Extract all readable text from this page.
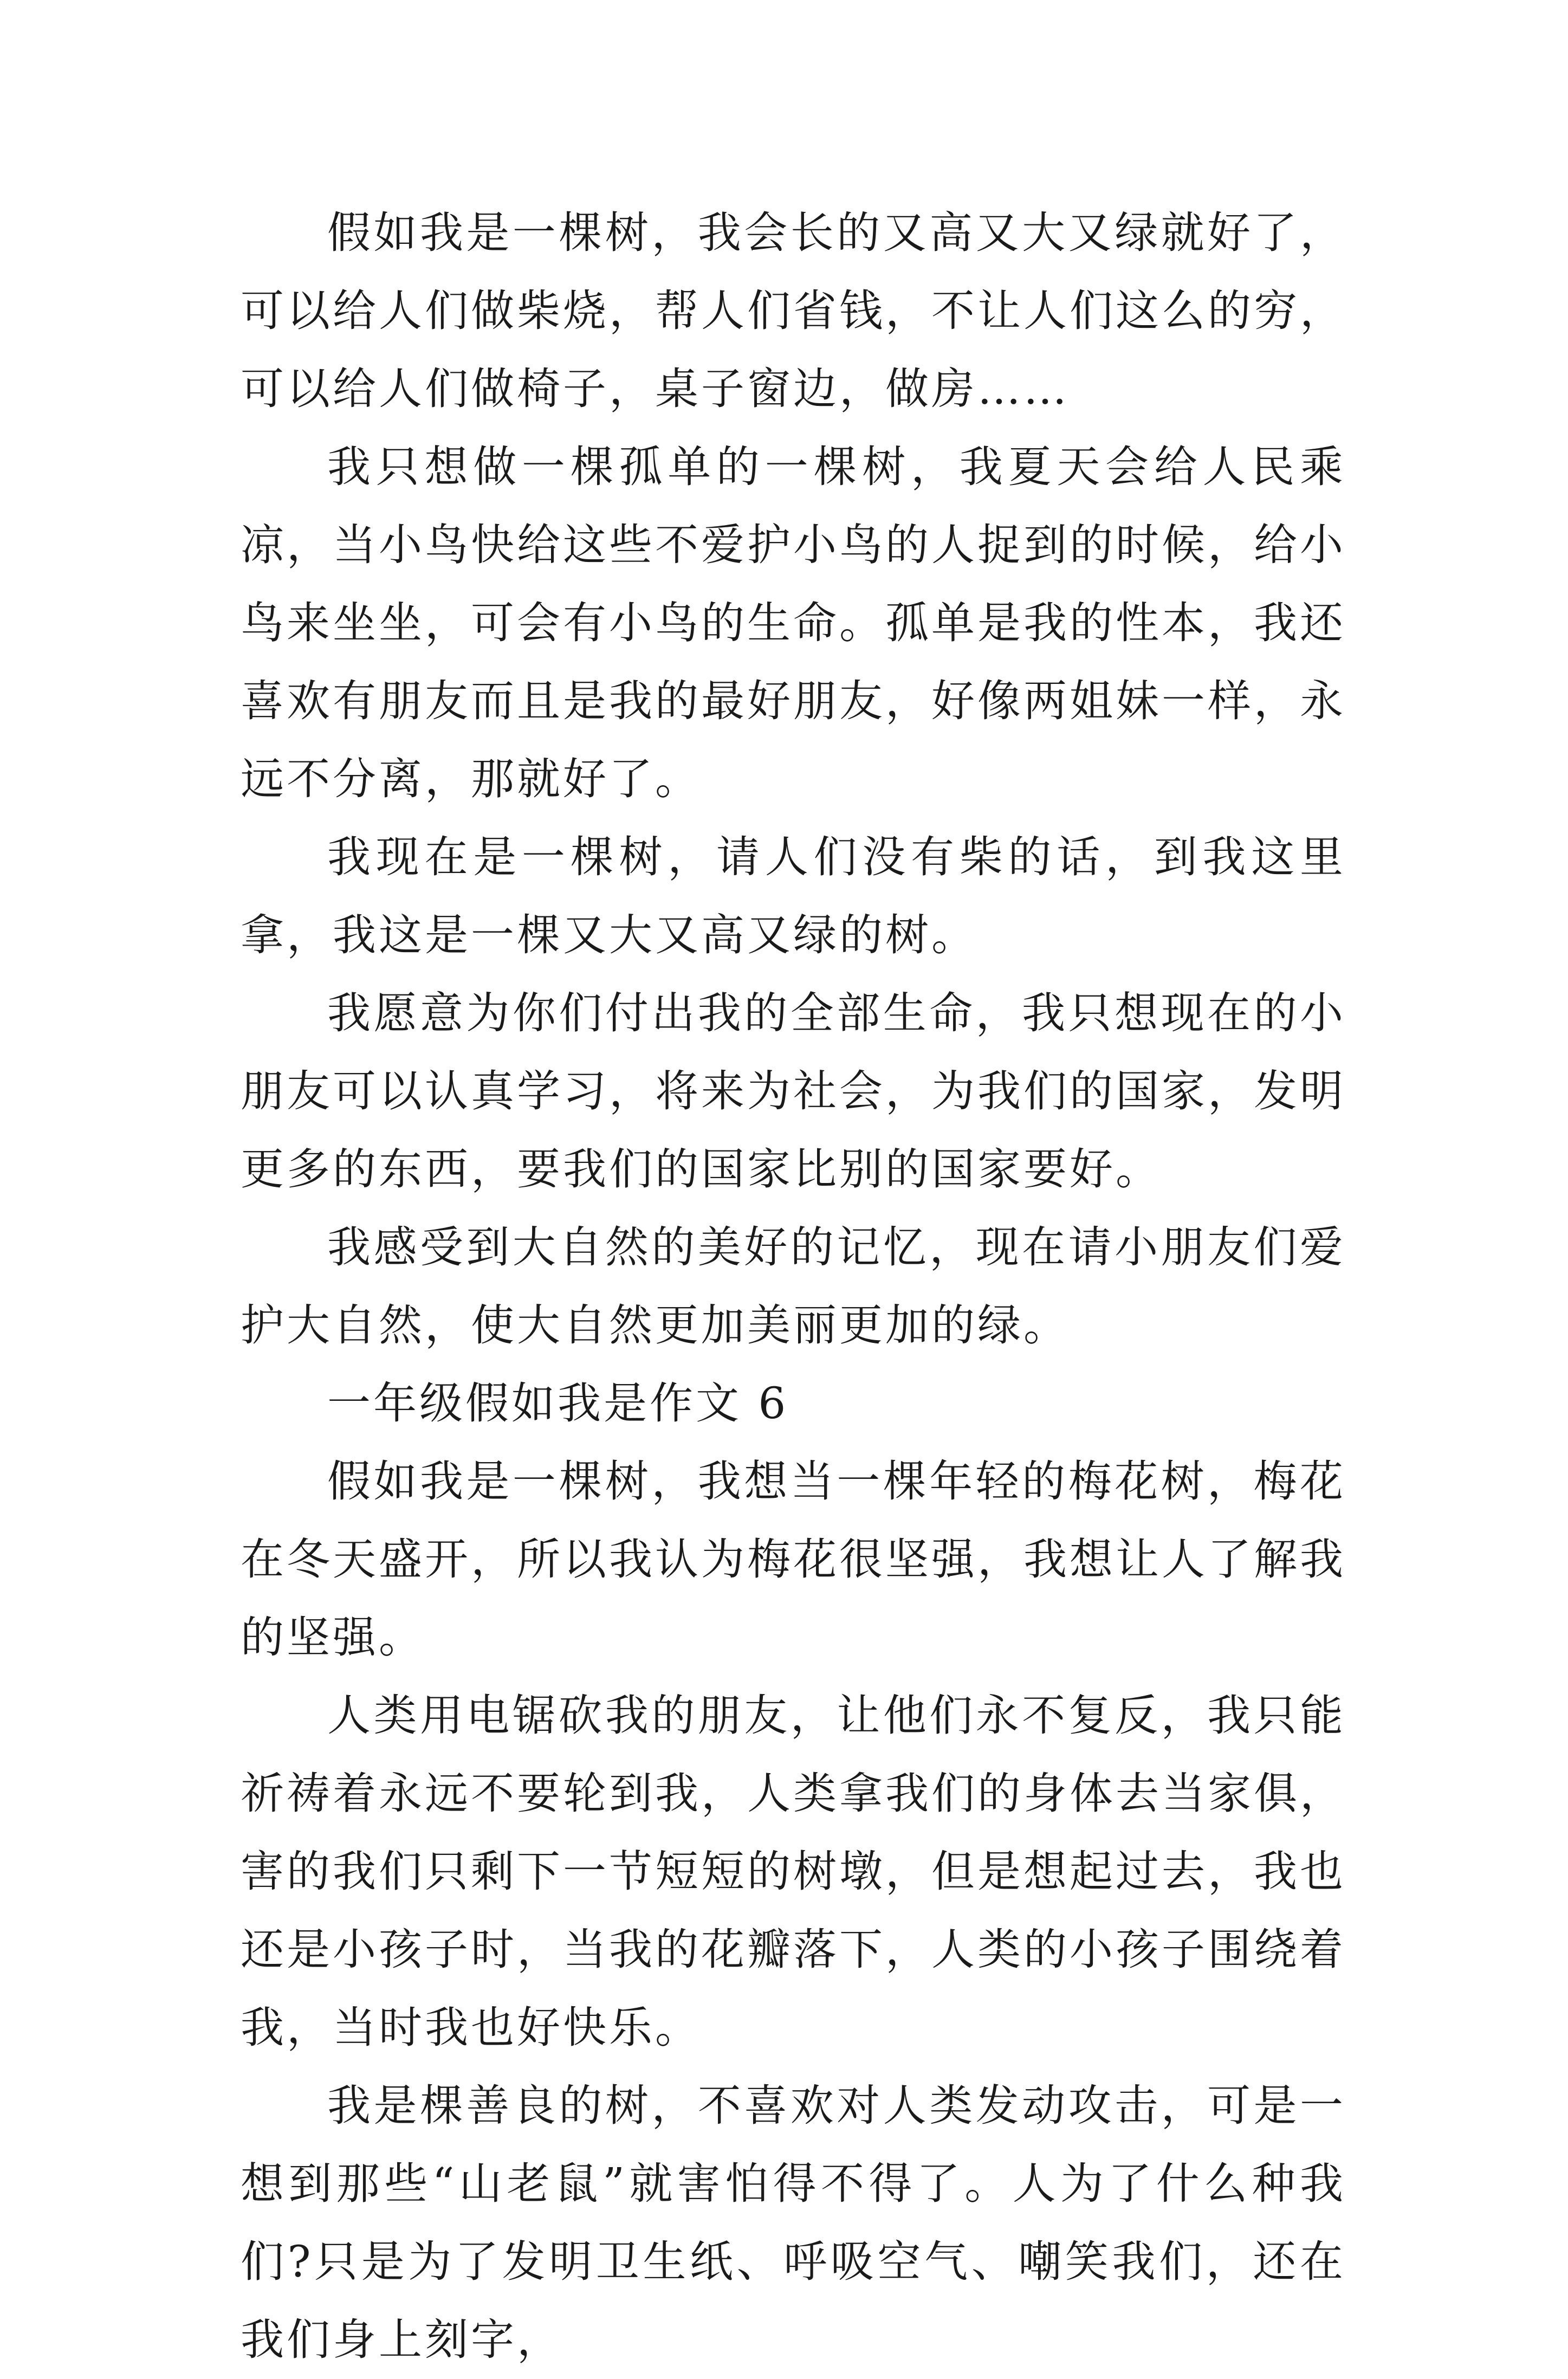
假如我是一棵树，我会长的又高又大又绿就好了，可以给人们做柴烧，帮人们省钱，不让人们这么的穷，可以给人们做椅子，桌子窗边，做房……

我只想做一棵孤单的一棵树，我夏天会给人民乘凉，当小鸟快给这些不爱护小鸟的人捉到的时候，给小鸟来坐坐，可会有小鸟的生命。孤单是我的性本，我还喜欢有朋友而且是我的最好朋友，好像两姐妹一样，永远不分离，那就好了。

我现在是一棵树，请人们没有柴的话，到我这里拿，我这是一棵又大又高又绿的树。

我愿意为你们付出我的全部生命，我只想现在的小朋友可以认真学习，将来为社会，为我们的国家，发明更多的东西，要我们的国家比别的国家要好。

我感受到大自然的美好的记忆，现在请小朋友们爱护大自然，使大自然更加美丽更加的绿。

一年级假如我是作文 6

假如我是一棵树，我想当一棵年轻的梅花树，梅花在冬天盛开，所以我认为梅花很坚强，我想让人了解我的坚强。

人类用电锯砍我的朋友，让他们永不复反，我只能祈祷着永远不要轮到我，人类拿我们的身体去当家俱，害的我们只剩下一节短短的树墩，但是想起过去，我也还是小孩子时，当我的花瓣落下，人类的小孩子围绕着我，当时我也好快乐。

我是棵善良的树，不喜欢对人类发动攻击，可是一想到那些“山老鼠”就害怕得不得了。人为了什么种我们?只是为了发明卫生纸、呼吸空气、嘲笑我们，还在我们身上刻字，
